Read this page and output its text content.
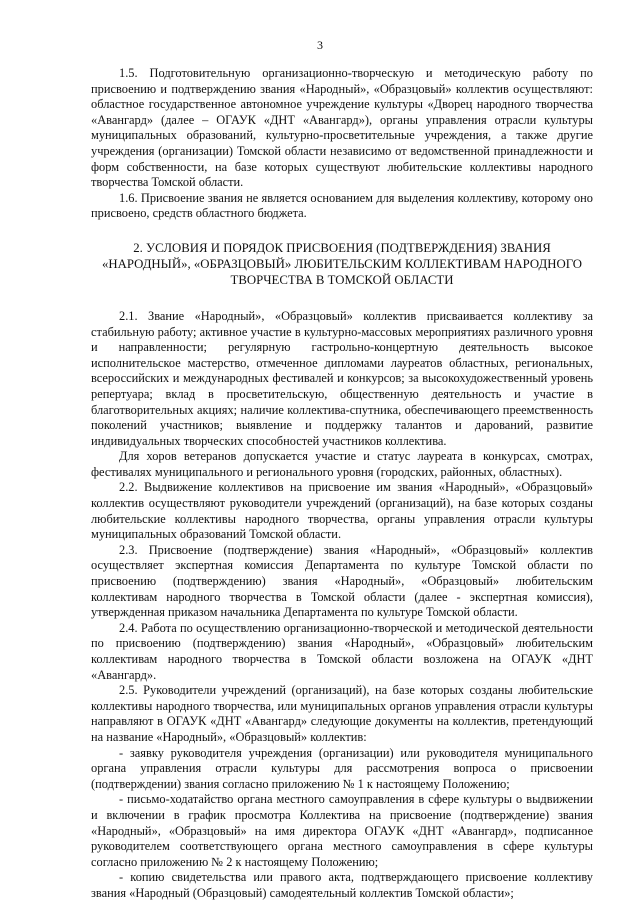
3

1.5. Подготовительную организационно-творческую и методическую работу по присвоению и подтверждению звания «Народный», «Образцовый» коллектив осуществляют: областное государственное автономное учреждение культуры «Дворец народного творчества «Авангард» (далее – ОГАУК «ДНТ «Авангард»), органы управления отрасли культуры муниципальных образований, культурно-просветительные учреждения, а также другие учреждения (организации) Томской области независимо от ведомственной принадлежности и форм собственности, на базе которых существуют любительские коллективы народного творчества Томской области.

1.6. Присвоение звания не является основанием для выделения коллективу, которому оно присвоено, средств областного бюджета.

2. УСЛОВИЯ И ПОРЯДОК ПРИСВОЕНИЯ (ПОДТВЕРЖДЕНИЯ) ЗВАНИЯ
«НАРОДНЫЙ», «ОБРАЗЦОВЫЙ» ЛЮБИТЕЛЬСКИМ КОЛЛЕКТИВАМ НАРОДНОГО
ТВОРЧЕСТВА В ТОМСКОЙ ОБЛАСТИ

2.1. Звание «Народный», «Образцовый» коллектив присваивается коллективу за стабильную работу; активное участие в культурно-массовых мероприятиях различного уровня и направленности; регулярную гастрольно-концертную деятельность высокое исполнительское мастерство, отмеченное дипломами лауреатов областных, региональных, всероссийских и международных фестивалей и конкурсов; за высокохудожественный уровень репертуара; вклад в просветительскую, общественную деятельность и участие в благотворительных акциях; наличие коллектива-спутника, обеспечивающего преемственность поколений участников; выявление и поддержку талантов и дарований, развитие индивидуальных творческих способностей участников коллектива.

Для хоров ветеранов допускается участие и статус лауреата в конкурсах, смотрах, фестивалях муниципального и регионального уровня (городских, районных, областных).

2.2. Выдвижение коллективов на присвоение им звания «Народный», «Образцовый» коллектив осуществляют руководители учреждений (организаций), на базе которых созданы любительские коллективы народного творчества, органы управления отрасли культуры муниципальных образований Томской области.

2.3. Присвоение (подтверждение) звания «Народный», «Образцовый» коллектив осуществляет экспертная комиссия Департамента по культуре Томской области по присвоению (подтверждению) звания «Народный», «Образцовый» любительским коллективам народного творчества в Томской области (далее - экспертная комиссия), утвержденная приказом начальника Департамента по культуре Томской области.

2.4. Работа по осуществлению организационно-творческой и методической деятельности по присвоению (подтверждению) звания «Народный», «Образцовый» любительским коллективам народного творчества в Томской области возложена на ОГАУК «ДНТ «Авангард».

2.5. Руководители учреждений (организаций), на базе которых созданы любительские коллективы народного творчества, или муниципальных органов управления отрасли культуры направляют в ОГАУК «ДНТ «Авангард» следующие документы на коллектив, претендующий на название «Народный», «Образцовый» коллектив:

- заявку руководителя учреждения (организации) или руководителя муниципального органа управления отрасли культуры для рассмотрения вопроса о присвоении (подтверждении) звания согласно приложению № 1 к настоящему Положению;

- письмо-ходатайство органа местного самоуправления в сфере культуры о выдвижении и включении в график просмотра Коллектива на присвоение (подтверждение) звания «Народный», «Образцовый» на имя директора ОГАУК «ДНТ «Авангард», подписанное руководителем соответствующего органа местного самоуправления в сфере культуры согласно приложению № 2 к настоящему Положению;

- копию свидетельства или правого акта, подтверждающего присвоение коллективу звания «Народный (Образцовый) самодеятельный коллектив Томской области»;
